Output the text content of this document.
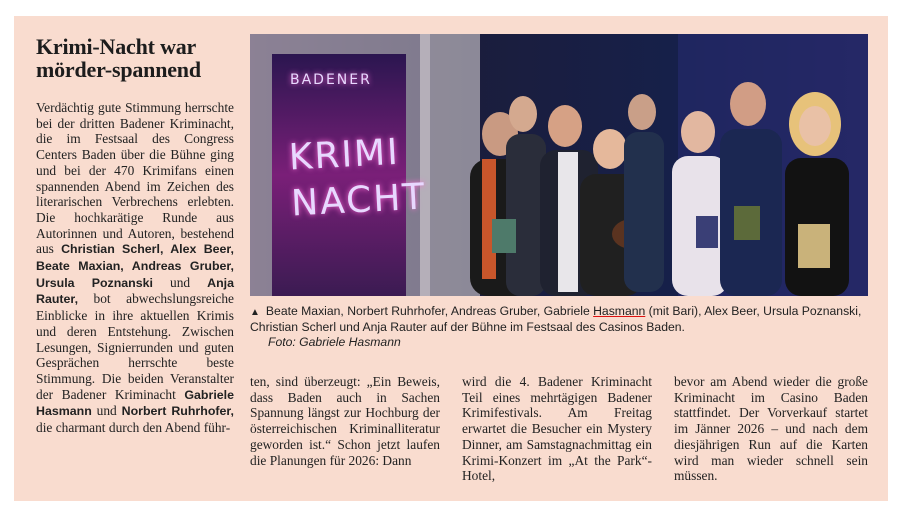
Krimi-Nacht war
mörder-spannend
Verdächtig gute Stimmung herrschte bei der dritten Badener Kriminacht, die im Festsaal des Congress Centers Baden über die Bühne ging und bei der 470 Krimifans einen spannenden Abend im Zeichen des literarischen Verbrechens erlebten. Die hochkarätige Runde aus Autorinnen und Autoren, bestehend aus Christian Scherl, Alex Beer, Beate Maxian, Andreas Gruber, Ursula Poznanski und Anja Rauter, bot abwechslungsreiche Einblicke in ihre aktuellen Krimis und deren Entstehung. Zwischen Lesungen, Signierrunden und guten Gesprächen herrschte beste Stimmung. Die beiden Veranstalter der Badener Kriminacht Gabriele Hasmann und Norbert Ruhrhofer, die charmant durch den Abend führ-
BADENER
KRIMI
NACHT
▲ Beate Maxian, Norbert Ruhrhofer, Andreas Gruber, Gabriele Hasmann (mit Bari), Alex Beer, Ursula Poznanski, Christian Scherl und Anja Rauter auf der Bühne im Festsaal des Casinos Baden.
Foto: Gabriele Hasmann
ten, sind überzeugt: „Ein Beweis, dass Baden auch in Sachen Spannung längst zur Hochburg der österreichischen Kriminalliteratur geworden ist.“ Schon jetzt laufen die Planungen für 2026: Dann
wird die 4. Badener Kriminacht Teil eines mehrtägigen Badener Krimifestivals. Am Freitag erwartet die Besucher ein Mystery Dinner, am Samstagnachmittag ein Krimi-Konzert im „At the Park“-Hotel,
bevor am Abend wieder die große Kriminacht im Casino Baden stattfindet. Der Vorverkauf startet im Jänner 2026 – und nach dem diesjährigen Run auf die Karten wird man wieder schnell sein müssen.
